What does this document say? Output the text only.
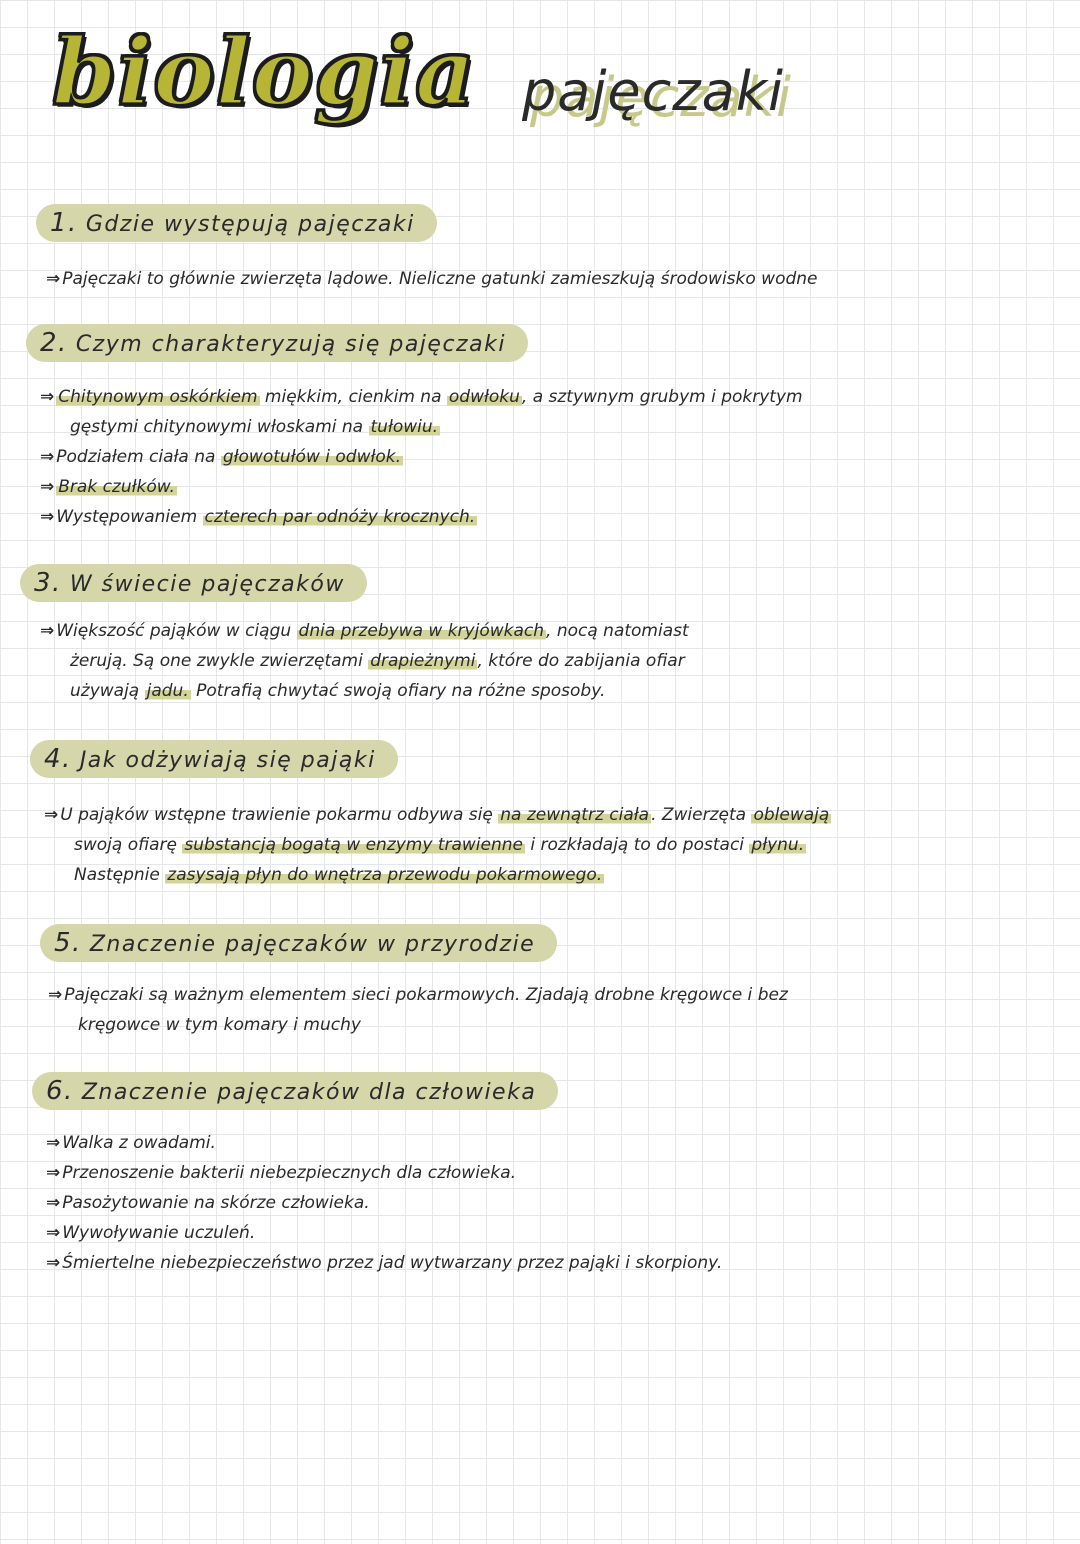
biologia pajęczaki
1. Gdzie występują pajęczaki
⇒ Pajęczaki to głównie zwierzęta lądowe. Nieliczne gatunki zamieszkują środowisko wodne
2. Czym charakteryzują się pajęczaki
⇒ Chitynowym oskórkiem miękkim, cienkim na odwłoku , a sztywnym grubym i pokrytym
gęstymi chitynowymi włoskami na tułowiu.
⇒ Podziałem ciała na głowotułów i odwłok.
⇒ Brak czułków.
⇒ Występowaniem czterech par odnóży krocznych.
3. W świecie pajęczaków
⇒ Większość pająków w ciągu dnia przebywa w kryjówkach , nocą natomiast
żerują. Są one zwykle zwierzętami drapieżnymi , które do zabijania ofiar
używają jadu. Potrafią chwytać swoją ofiary na różne sposoby.
4. Jak odżywiają się pająki
⇒ U pająków wstępne trawienie pokarmu odbywa się na zewnątrz ciała . Zwierzęta oblewają
swoją ofiarę substancją bogatą w enzymy trawienne i rozkładają to do postaci płynu.
Następnie zasysają płyn do wnętrza przewodu pokarmowego.
5. Znaczenie pajęczaków w przyrodzie
⇒ Pajęczaki są ważnym elementem sieci pokarmowych. Zjadają drobne kręgowce i bez
kręgowce w tym komary i muchy
6. Znaczenie pajęczaków dla człowieka
⇒ Walka z owadami.
⇒ Przenoszenie bakterii niebezpiecznych dla człowieka.
⇒ Pasożytowanie na skórze człowieka.
⇒ Wywoływanie uczuleń.
⇒ Śmiertelne niebezpieczeństwo przez jad wytwarzany przez pająki i skorpiony.
